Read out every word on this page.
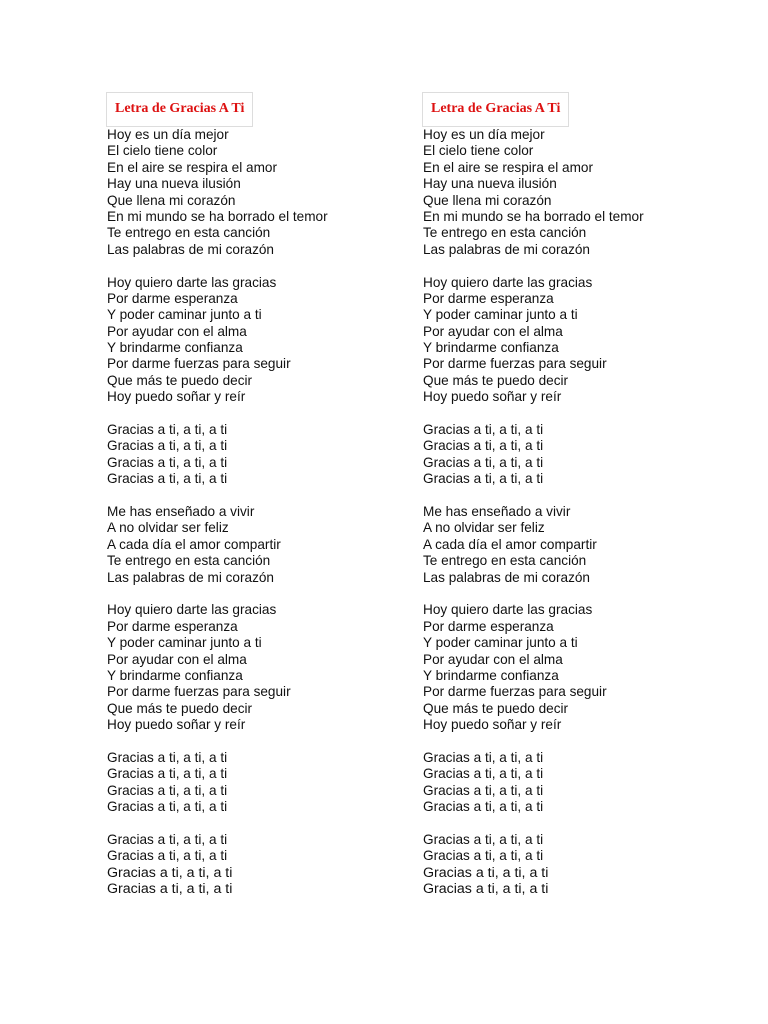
Letra de Gracias A Ti
Hoy es un día mejor
El cielo tiene color
En el aire se respira el amor
Hay una nueva ilusión
Que llena mi corazón
En mi mundo se ha borrado el temor
Te entrego en esta canción
Las palabras de mi corazón
Hoy quiero darte las gracias
Por darme esperanza
Y poder caminar junto a ti
Por ayudar con el alma
Y brindarme confianza
Por darme fuerzas para seguir
Que más te puedo decir
Hoy puedo soñar y reír
Gracias a ti, a ti, a ti
Gracias a ti, a ti, a ti
Gracias a ti, a ti, a ti
Gracias a ti, a ti, a ti
Me has enseñado a vivir
A no olvidar ser feliz
A cada día el amor compartir
Te entrego en esta canción
Las palabras de mi corazón
Hoy quiero darte las gracias
Por darme esperanza
Y poder caminar junto a ti
Por ayudar con el alma
Y brindarme confianza
Por darme fuerzas para seguir
Que más te puedo decir
Hoy puedo soñar y reír
Gracias a ti, a ti, a ti
Gracias a ti, a ti, a ti
Gracias a ti, a ti, a ti
Gracias a ti, a ti, a ti
Gracias a ti, a ti, a ti
Gracias a ti, a ti, a ti
Gracias a ti, a ti, a ti
Gracias a ti, a ti, a ti
Letra de Gracias A Ti
Hoy es un día mejor
El cielo tiene color
En el aire se respira el amor
Hay una nueva ilusión
Que llena mi corazón
En mi mundo se ha borrado el temor
Te entrego en esta canción
Las palabras de mi corazón
Hoy quiero darte las gracias
Por darme esperanza
Y poder caminar junto a ti
Por ayudar con el alma
Y brindarme confianza
Por darme fuerzas para seguir
Que más te puedo decir
Hoy puedo soñar y reír
Gracias a ti, a ti, a ti
Gracias a ti, a ti, a ti
Gracias a ti, a ti, a ti
Gracias a ti, a ti, a ti
Me has enseñado a vivir
A no olvidar ser feliz
A cada día el amor compartir
Te entrego en esta canción
Las palabras de mi corazón
Hoy quiero darte las gracias
Por darme esperanza
Y poder caminar junto a ti
Por ayudar con el alma
Y brindarme confianza
Por darme fuerzas para seguir
Que más te puedo decir
Hoy puedo soñar y reír
Gracias a ti, a ti, a ti
Gracias a ti, a ti, a ti
Gracias a ti, a ti, a ti
Gracias a ti, a ti, a ti
Gracias a ti, a ti, a ti
Gracias a ti, a ti, a ti
Gracias a ti, a ti, a ti
Gracias a ti, a ti, a ti
